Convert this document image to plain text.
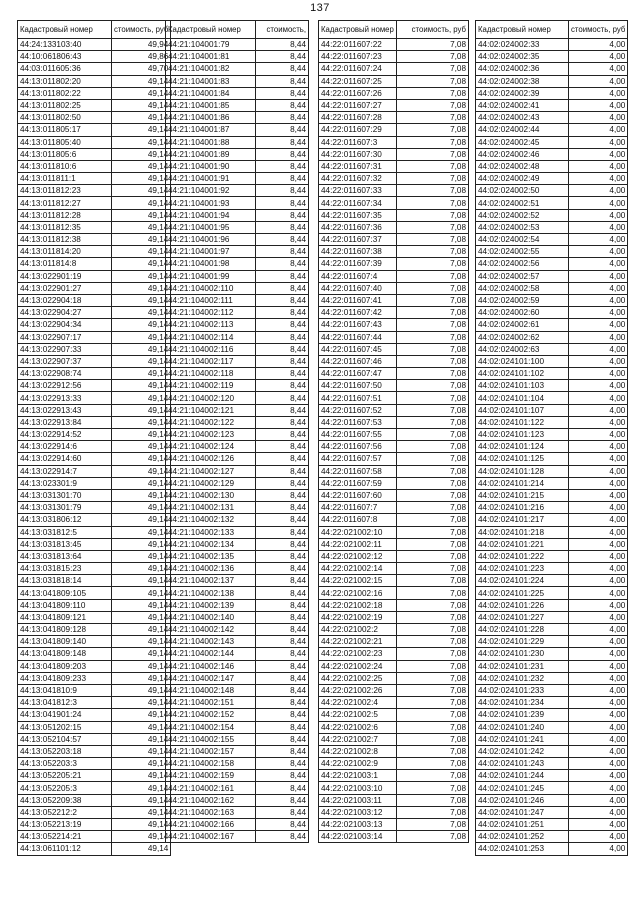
137
Кадастровый номер	стоимость, руб
44:24:133103:40	49,94
44:10:061806:43	49,86
44:03:011605:36	49,70
44:13:011802:20	49,14
44:13:011802:22	49,14
44:13:011802:25	49,14
44:13:011802:50	49,14
44:13:011805:17	49,14
44:13:011805:40	49,14
44:13:011805:6	49,14
44:13:011810:6	49,14
44:13:011811:1	49,14
44:13:011812:23	49,14
44:13:011812:27	49,14
44:13:011812:28	49,14
44:13:011812:35	49,14
44:13:011812:38	49,14
44:13:011814:20	49,14
44:13:011814:8	49,14
44:13:022901:19	49,14
44:13:022901:27	49,14
44:13:022904:18	49,14
44:13:022904:27	49,14
44:13:022904:34	49,14
44:13:022907:17	49,14
44:13:022907:33	49,14
44:13:022907:37	49,14
44:13:022908:74	49,14
44:13:022912:56	49,14
44:13:022913:33	49,14
44:13:022913:43	49,14
44:13:022913:84	49,14
44:13:022914:52	49,14
44:13:022914:6	49,14
44:13:022914:60	49,14
44:13:022914:7	49,14
44:13:023301:9	49,14
44:13:031301:70	49,14
44:13:031301:79	49,14
44:13:031806:12	49,14
44:13:031812:5	49,14
44:13:031813:45	49,14
44:13:031813:64	49,14
44:13:031815:23	49,14
44:13:031818:14	49,14
44:13:041809:105	49,14
44:13:041809:110	49,14
44:13:041809:121	49,14
44:13:041809:128	49,14
44:13:041809:140	49,14
44:13:041809:148	49,14
44:13:041809:203	49,14
44:13:041809:233	49,14
44:13:041810:9	49,14
44:13:041812:3	49,14
44:13:041901:24	49,14
44:13:051202:15	49,14
44:13:052104:57	49,14
44:13:052203:18	49,14
44:13:052203:3	49,14
44:13:052205:21	49,14
44:13:052205:3	49,14
44:13:052209:38	49,14
44:13:052212:2	49,14
44:13:052213:19	49,14
44:13:052214:21	49,14
44:13:061101:12	49,14
Кадастровый номер	стоимость,
44:21:104001:79	8,44
44:21:104001:81	8,44
44:21:104001:82	8,44
44:21:104001:83	8,44
44:21:104001:84	8,44
44:21:104001:85	8,44
44:21:104001:86	8,44
44:21:104001:87	8,44
44:21:104001:88	8,44
44:21:104001:89	8,44
44:21:104001:90	8,44
44:21:104001:91	8,44
44:21:104001:92	8,44
44:21:104001:93	8,44
44:21:104001:94	8,44
44:21:104001:95	8,44
44:21:104001:96	8,44
44:21:104001:97	8,44
44:21:104001:98	8,44
44:21:104001:99	8,44
44:21:104002:110	8,44
44:21:104002:111	8,44
44:21:104002:112	8,44
44:21:104002:113	8,44
44:21:104002:114	8,44
44:21:104002:116	8,44
44:21:104002:117	8,44
44:21:104002:118	8,44
44:21:104002:119	8,44
44:21:104002:120	8,44
44:21:104002:121	8,44
44:21:104002:122	8,44
44:21:104002:123	8,44
44:21:104002:124	8,44
44:21:104002:126	8,44
44:21:104002:127	8,44
44:21:104002:129	8,44
44:21:104002:130	8,44
44:21:104002:131	8,44
44:21:104002:132	8,44
44:21:104002:133	8,44
44:21:104002:134	8,44
44:21:104002:135	8,44
44:21:104002:136	8,44
44:21:104002:137	8,44
44:21:104002:138	8,44
44:21:104002:139	8,44
44:21:104002:140	8,44
44:21:104002:142	8,44
44:21:104002:143	8,44
44:21:104002:144	8,44
44:21:104002:146	8,44
44:21:104002:147	8,44
44:21:104002:148	8,44
44:21:104002:151	8,44
44:21:104002:152	8,44
44:21:104002:154	8,44
44:21:104002:155	8,44
44:21:104002:157	8,44
44:21:104002:158	8,44
44:21:104002:159	8,44
44:21:104002:161	8,44
44:21:104002:162	8,44
44:21:104002:163	8,44
44:21:104002:166	8,44
44:21:104002:167	8,44
Кадастровый номер	стоимость, руб
44:22:011607:22	7,08
44:22:011607:23	7,08
44:22:011607:24	7,08
44:22:011607:25	7,08
44:22:011607:26	7,08
44:22:011607:27	7,08
44:22:011607:28	7,08
44:22:011607:29	7,08
44:22:011607:3	7,08
44:22:011607:30	7,08
44:22:011607:31	7,08
44:22:011607:32	7,08
44:22:011607:33	7,08
44:22:011607:34	7,08
44:22:011607:35	7,08
44:22:011607:36	7,08
44:22:011607:37	7,08
44:22:011607:38	7,08
44:22:011607:39	7,08
44:22:011607:4	7,08
44:22:011607:40	7,08
44:22:011607:41	7,08
44:22:011607:42	7,08
44:22:011607:43	7,08
44:22:011607:44	7,08
44:22:011607:45	7,08
44:22:011607:46	7,08
44:22:011607:47	7,08
44:22:011607:50	7,08
44:22:011607:51	7,08
44:22:011607:52	7,08
44:22:011607:53	7,08
44:22:011607:55	7,08
44:22:011607:56	7,08
44:22:011607:57	7,08
44:22:011607:58	7,08
44:22:011607:59	7,08
44:22:011607:60	7,08
44:22:011607:7	7,08
44:22:011607:8	7,08
44:22:021002:10	7,08
44:22:021002:11	7,08
44:22:021002:12	7,08
44:22:021002:14	7,08
44:22:021002:15	7,08
44:22:021002:16	7,08
44:22:021002:18	7,08
44:22:021002:19	7,08
44:22:021002:2	7,08
44:22:021002:21	7,08
44:22:021002:23	7,08
44:22:021002:24	7,08
44:22:021002:25	7,08
44:22:021002:26	7,08
44:22:021002:4	7,08
44:22:021002:5	7,08
44:22:021002:6	7,08
44:22:021002:7	7,08
44:22:021002:8	7,08
44:22:021002:9	7,08
44:22:021003:1	7,08
44:22:021003:10	7,08
44:22:021003:11	7,08
44:22:021003:12	7,08
44:22:021003:13	7,08
44:22:021003:14	7,08
Кадастровый номер	стоимость, руб
44:02:024002:33	4,00
44:02:024002:35	4,00
44:02:024002:36	4,00
44:02:024002:38	4,00
44:02:024002:39	4,00
44:02:024002:41	4,00
44:02:024002:43	4,00
44:02:024002:44	4,00
44:02:024002:45	4,00
44:02:024002:46	4,00
44:02:024002:48	4,00
44:02:024002:49	4,00
44:02:024002:50	4,00
44:02:024002:51	4,00
44:02:024002:52	4,00
44:02:024002:53	4,00
44:02:024002:54	4,00
44:02:024002:55	4,00
44:02:024002:56	4,00
44:02:024002:57	4,00
44:02:024002:58	4,00
44:02:024002:59	4,00
44:02:024002:60	4,00
44:02:024002:61	4,00
44:02:024002:62	4,00
44:02:024002:63	4,00
44:02:024101:100	4,00
44:02:024101:102	4,00
44:02:024101:103	4,00
44:02:024101:104	4,00
44:02:024101:107	4,00
44:02:024101:122	4,00
44:02:024101:123	4,00
44:02:024101:124	4,00
44:02:024101:125	4,00
44:02:024101:128	4,00
44:02:024101:214	4,00
44:02:024101:215	4,00
44:02:024101:216	4,00
44:02:024101:217	4,00
44:02:024101:218	4,00
44:02:024101:221	4,00
44:02:024101:222	4,00
44:02:024101:223	4,00
44:02:024101:224	4,00
44:02:024101:225	4,00
44:02:024101:226	4,00
44:02:024101:227	4,00
44:02:024101:228	4,00
44:02:024101:229	4,00
44:02:024101:230	4,00
44:02:024101:231	4,00
44:02:024101:232	4,00
44:02:024101:233	4,00
44:02:024101:234	4,00
44:02:024101:239	4,00
44:02:024101:240	4,00
44:02:024101:241	4,00
44:02:024101:242	4,00
44:02:024101:243	4,00
44:02:024101:244	4,00
44:02:024101:245	4,00
44:02:024101:246	4,00
44:02:024101:247	4,00
44:02:024101:251	4,00
44:02:024101:252	4,00
44:02:024101:253	4,00
